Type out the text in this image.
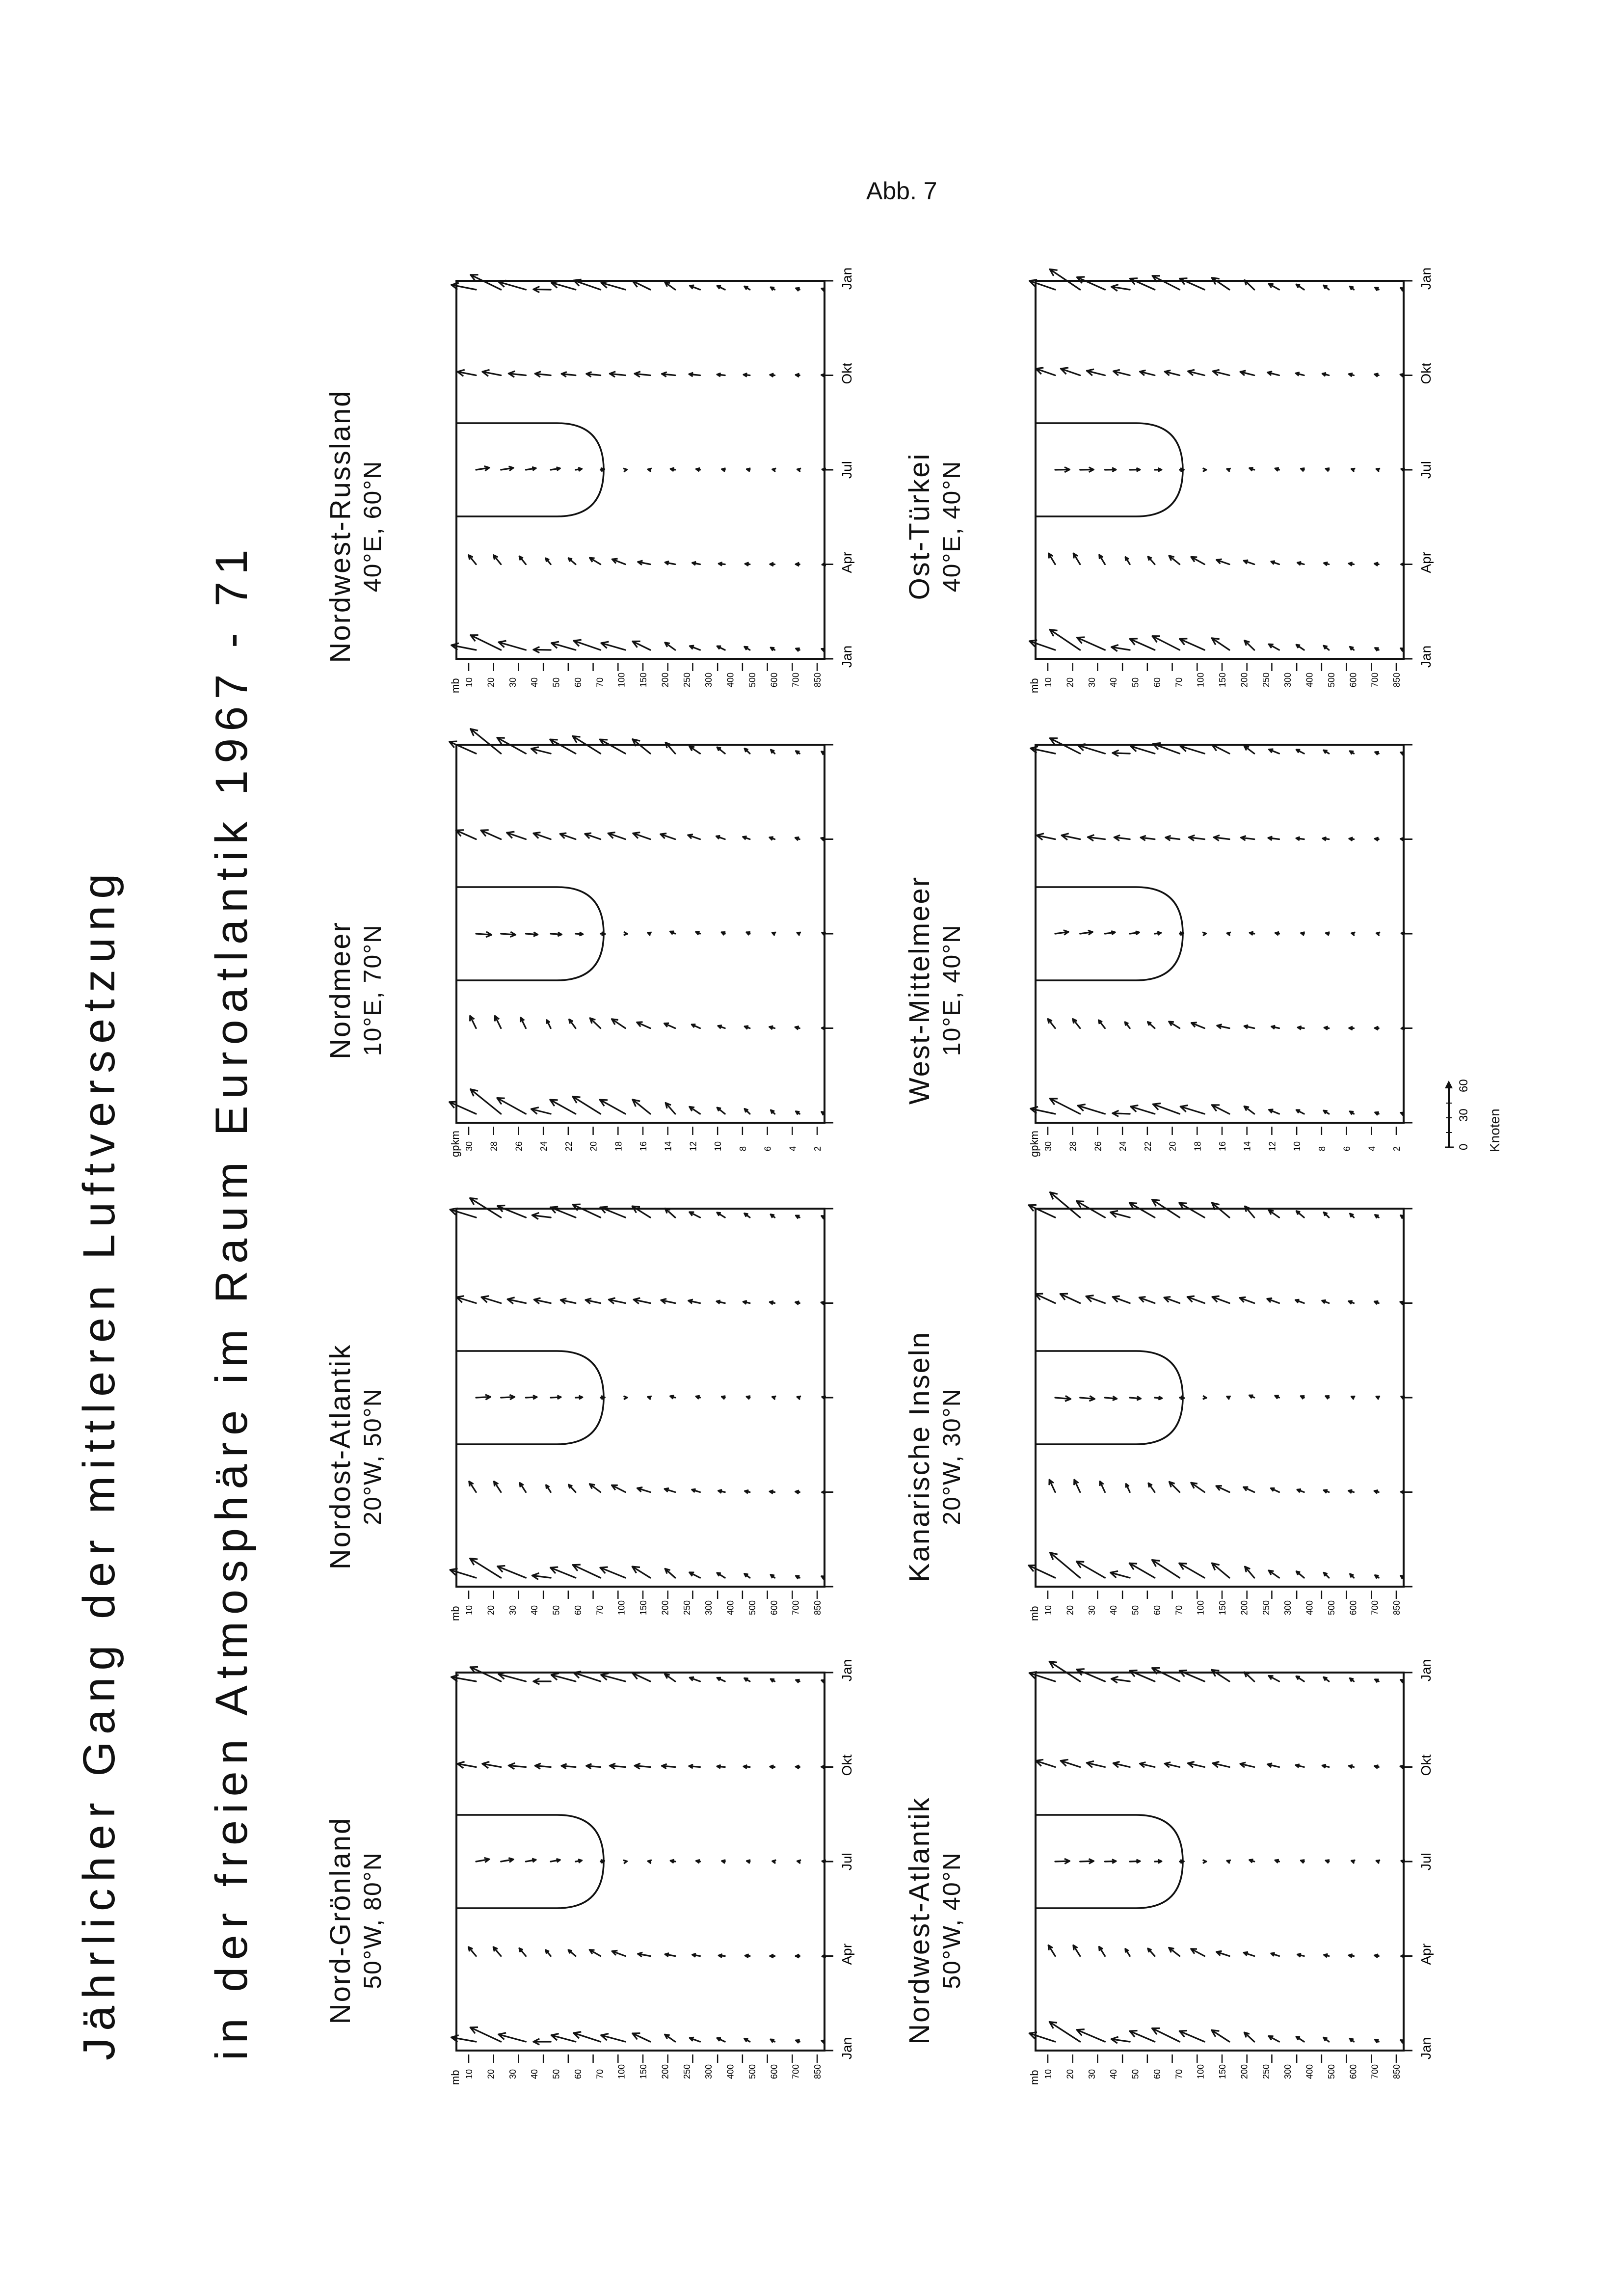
Abb. 7
Jährlicher Gang der mittleren Luftversetzung in der freien Atmosphäre im Raum Euroatlantik 1967 - 71 Nord-Grönland 50°W, 80°N
Nordost-Atlantik 20°W, 50°N
Nordmeer 10°E, 70°N
Nordwest-Russland 40°E, 60°N
Nordwest-Atlantik 50°W, 40°N
Kanarische Inseln 20°W, 30°N
West-Mittelmeer 10°E, 40°N
Ost-Türkei 40°E, 40°N
Jan
Apr
Jul
Okt
Jan
mb 10 20 30 40 50 60 70 100 150 200 250 300 400 500 600 700 850
mb 10 20 30 40 50 60 70 100 150 200 250 300 400 500 600 700 850
gpkm 30 28 26 24 22 20 18 16 14 12 10 8 6 4 2
Jan
Apr
Jul
Okt
Jan
mb 10 20 30 40 50 60 70 100 150 200 250 300 400 500 600 700 850
Jan
Apr
Jul
Okt
Jan
mb 10 20 30 40 50 60 70 100 150 200 250 300 400 500 600 700 850
mb 10 20 30 40 50 60 70 100 150 200 250 300 400 500 600 700 850
gpkm 30 28 26 24 22 20 18 16 14 12 10 8 6 4 2
Jan
Apr
Jul
Okt
Jan
mb 10 20 30 40 50 60 70 100 150 200 250 300 400 500 600 700 850
0
30
60
Knoten
